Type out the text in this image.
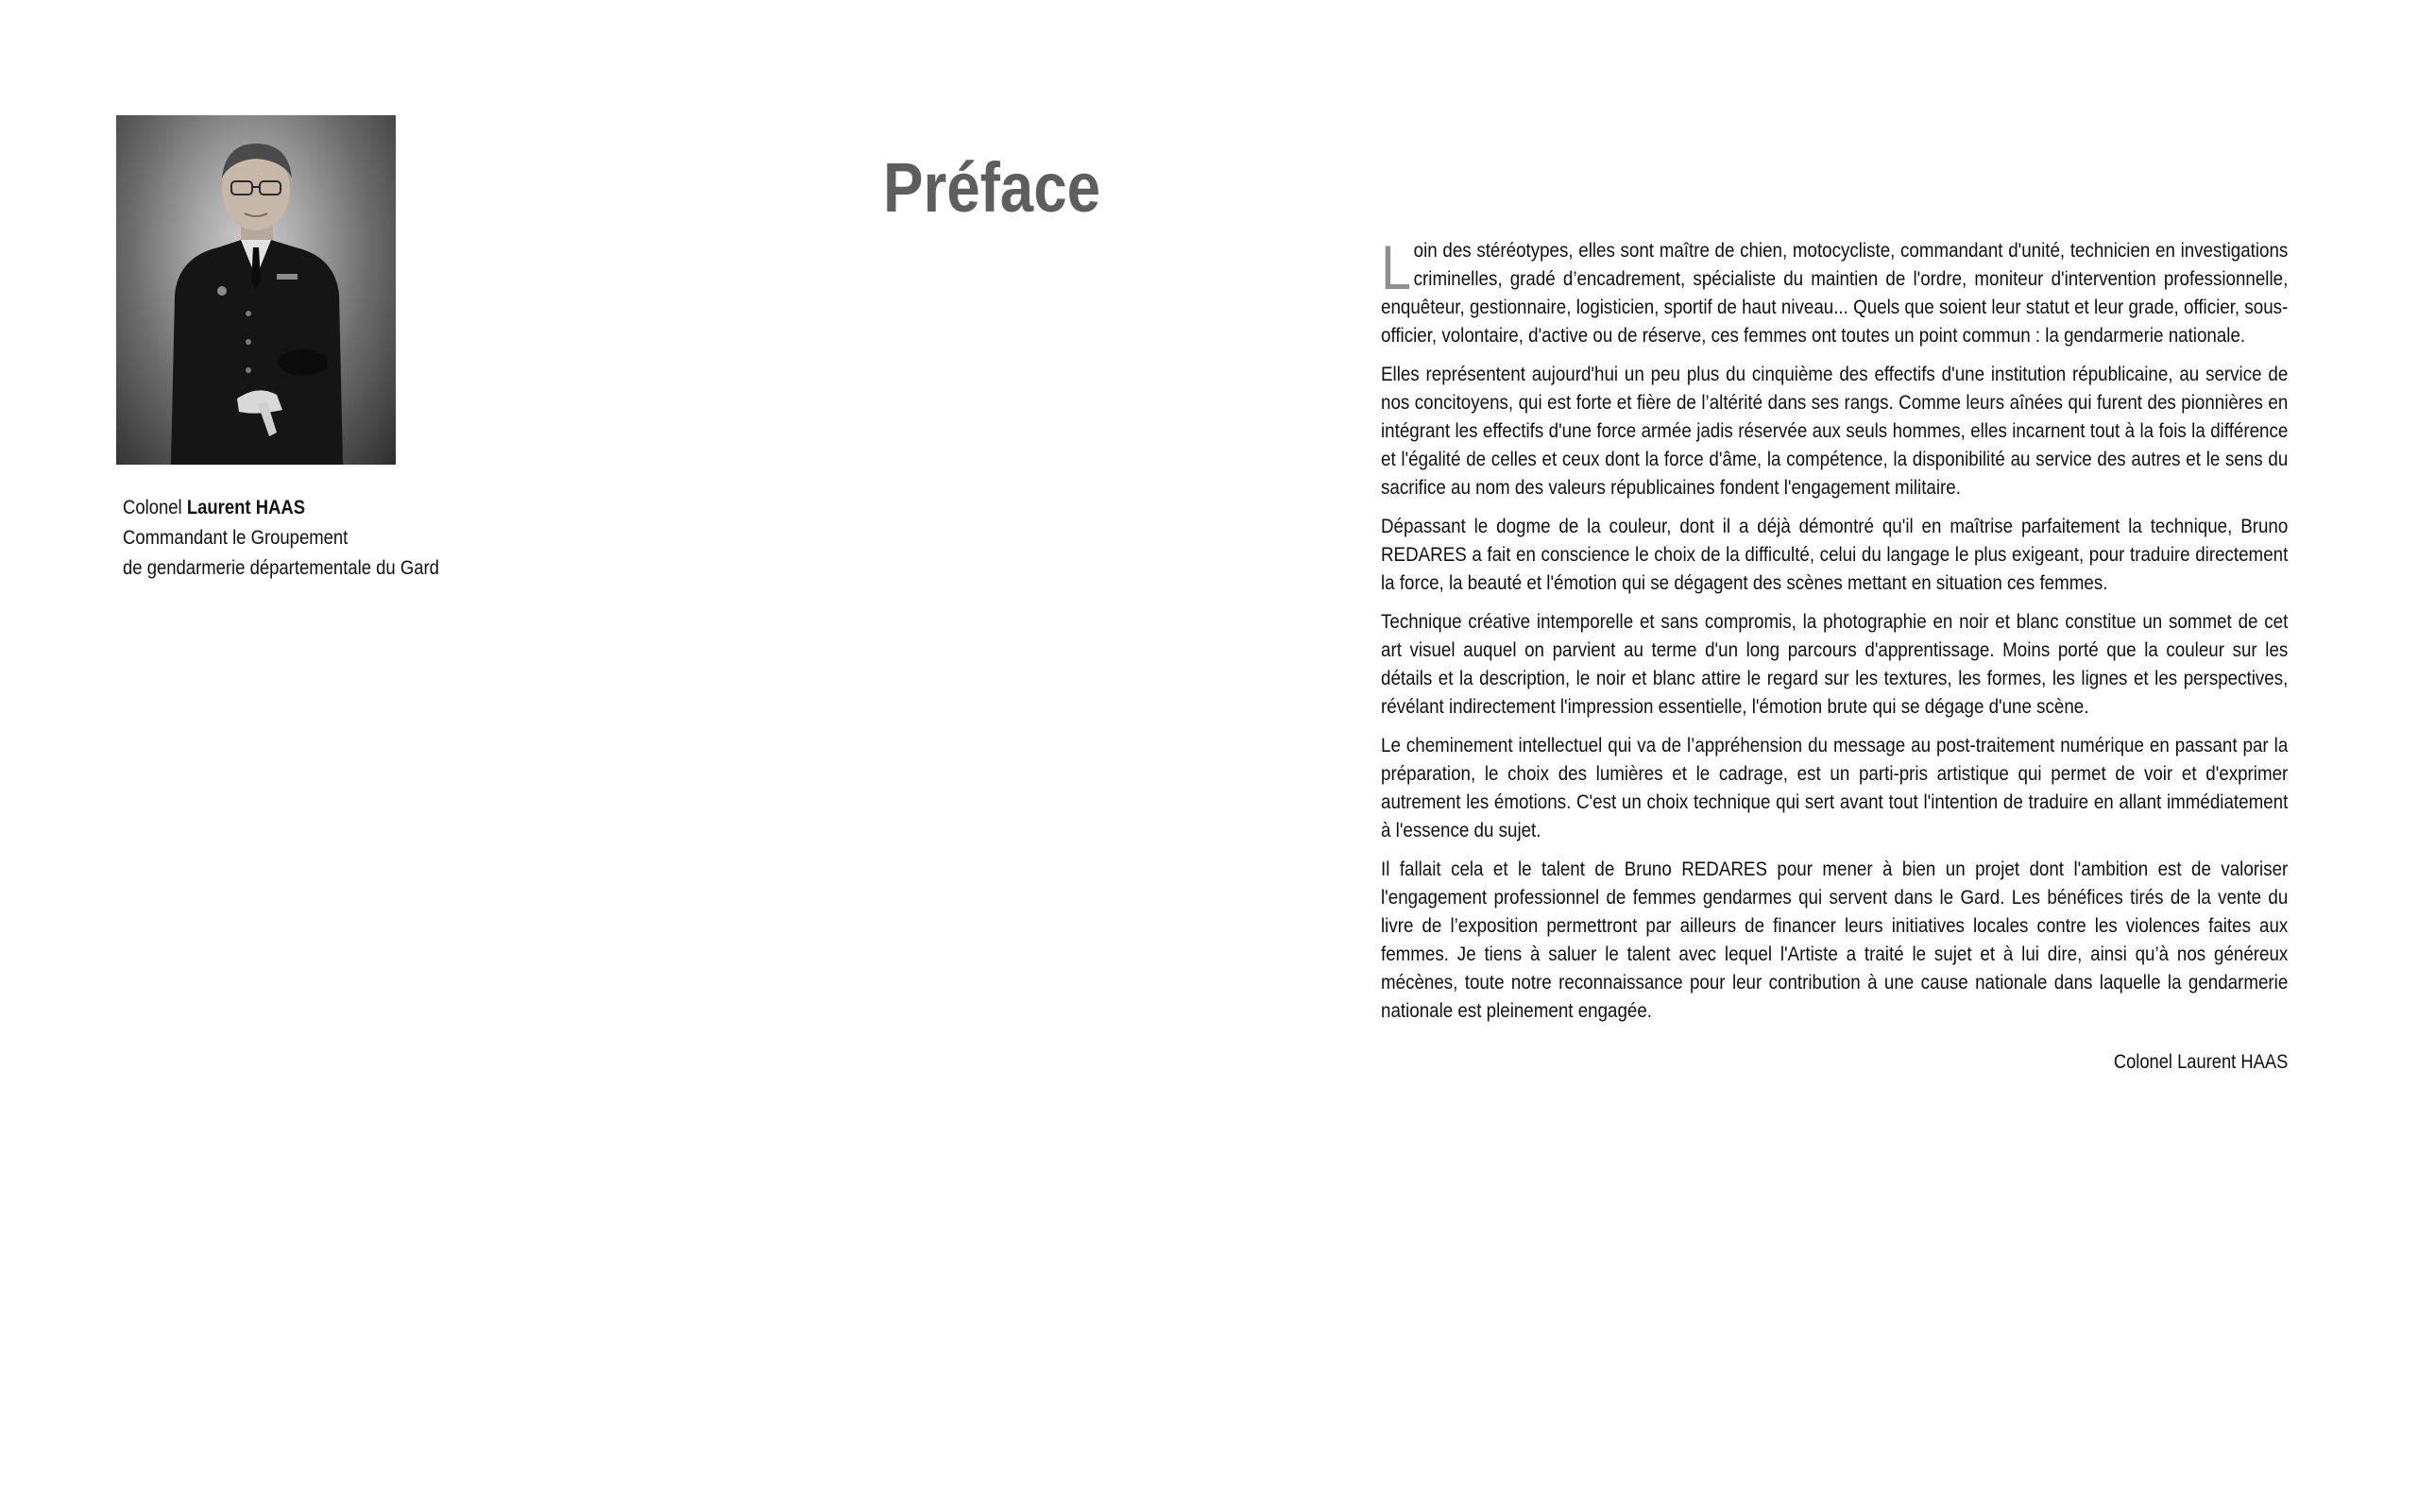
Colonel Laurent HAAS
Commandant le Groupement
de gendarmerie départementale du Gard
Préface

Loin des stéréotypes, elles sont maître de chien, motocycliste, commandant d'unité, technicien en investigations criminelles, gradé d’encadrement, spécialiste du maintien de l'ordre, moniteur d'intervention professionnelle, enquêteur, gestionnaire, logisticien, sportif de haut niveau... Quels que soient leur statut et leur grade, officier, sous-officier, volontaire, d'active ou de réserve, ces femmes ont toutes un point commun : la gendarmerie nationale.

Elles représentent aujourd'hui un peu plus du cinquième des effectifs d'une institution républicaine, au service de nos concitoyens, qui est forte et fière de l’altérité dans ses rangs. Comme leurs aînées qui furent des pionnières en intégrant les effectifs d'une force armée jadis réservée aux seuls hommes, elles incarnent tout à la fois la différence et l'égalité de celles et ceux dont la force d'âme, la compétence, la disponibilité au service des autres et le sens du sacrifice au nom des valeurs républicaines fondent l'engagement militaire.

Dépassant le dogme de la couleur, dont il a déjà démontré qu'il en maîtrise parfaitement la technique, Bruno REDARES a fait en conscience le choix de la difficulté, celui du langage le plus exigeant, pour traduire directement la force, la beauté et l'émotion qui se dégagent des scènes mettant en situation ces femmes.

Technique créative intemporelle et sans compromis, la photographie en noir et blanc constitue un sommet de cet art visuel auquel on parvient au terme d'un long parcours d'apprentissage. Moins porté que la couleur sur les détails et la description, le noir et blanc attire le regard sur les textures, les formes, les lignes et les perspectives, révélant indirectement l'impression essentielle, l'émotion brute qui se dégage d'une scène.

Le cheminement intellectuel qui va de l’appréhension du message au post-traitement numérique en passant par la préparation, le choix des lumières et le cadrage, est un parti-pris artistique qui permet de voir et d'exprimer autrement les émotions. C'est un choix technique qui sert avant tout l'intention de traduire en allant immédiatement à l'essence du sujet.

Il fallait cela et le talent de Bruno REDARES pour mener à bien un projet dont l'ambition est de valoriser l'engagement professionnel de femmes gendarmes qui servent dans le Gard. Les bénéfices tirés de la vente du livre de l’exposition permettront par ailleurs de financer leurs initiatives locales contre les violences faites aux femmes. Je tiens à saluer le talent avec lequel l'Artiste a traité le sujet et à lui dire, ainsi qu’à nos généreux mécènes, toute notre reconnaissance pour leur contribution à une cause nationale dans laquelle la gendarmerie nationale est pleinement engagée.

Colonel Laurent HAAS
